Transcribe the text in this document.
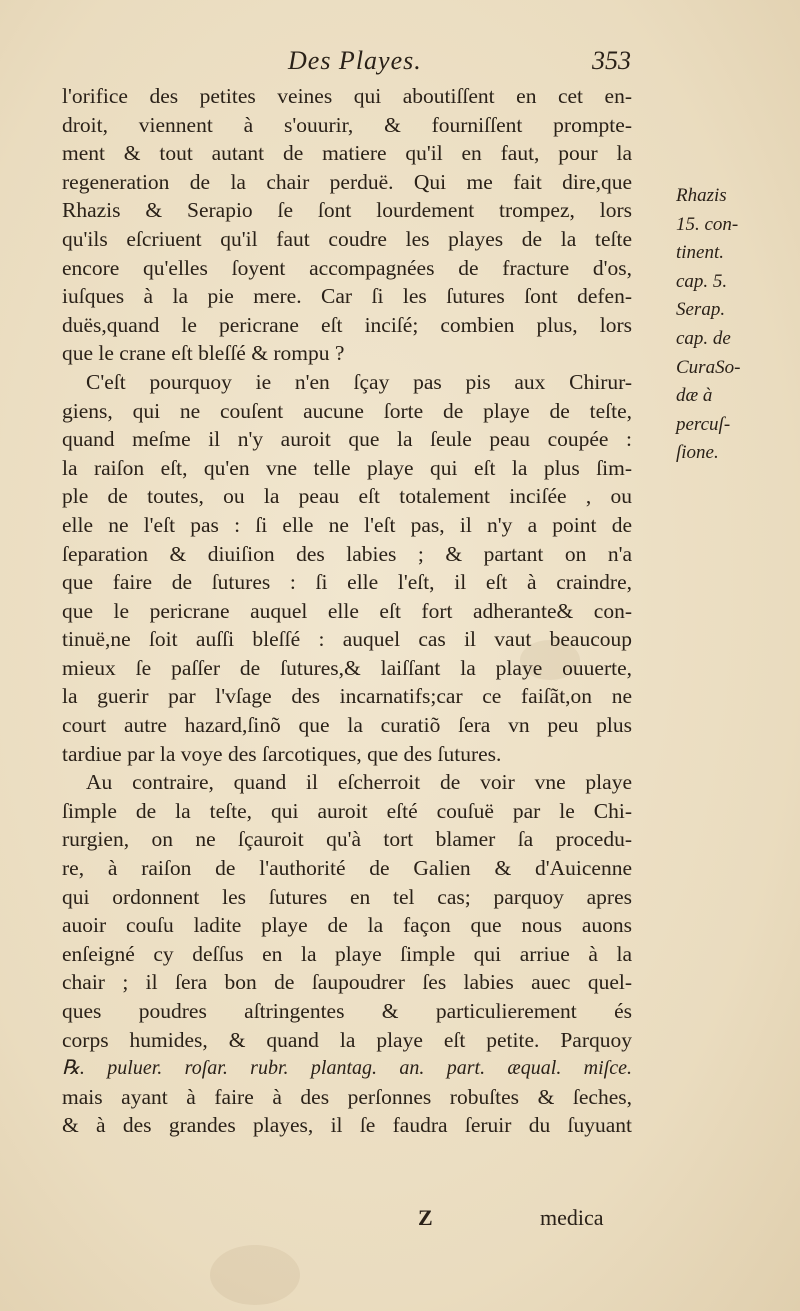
Des Playes.	353
l'orifice des petites veines qui aboutiſſent en cet en-
droit, viennent à s'ouurir, & fourniſſent prompte-
ment & tout autant de matiere qu'il en faut, pour la
regeneration de la chair perduë. Qui me fait dire,que
Rhazis & Serapio ſe ſont lourdement trompez, lors
qu'ils eſcriuent qu'il faut coudre les playes de la teſte
encore qu'elles ſoyent accompagnées de fracture d'os,
iuſques à la pie mere. Car ſi les ſutures ſont defen-
duës,quand le pericrane eſt inciſé; combien plus, lors
que le crane eſt bleſſé & rompu ?
C'eſt pourquoy ie n'en ſçay pas pis aux Chirur-
giens, qui ne couſent aucune ſorte de playe de teſte,
quand meſme il n'y auroit que la ſeule peau coupée :
la raiſon eſt, qu'en vne telle playe qui eſt la plus ſim-
ple de toutes, ou la peau eſt totalement inciſée , ou
elle ne l'eſt pas : ſi elle ne l'eſt pas, il n'y a point de
ſeparation & diuiſion des labies ; & partant on n'a
que faire de ſutures : ſi elle l'eſt, il eſt à craindre,
que le pericrane auquel elle eſt fort adherante& con-
tinuë,ne ſoit auſſi bleſſé : auquel cas il vaut beaucoup
mieux ſe paſſer de ſutures,& laiſſant la playe ouuerte,
la guerir par l'vſage des incarnatifs;car ce faiſãt,on ne
court autre hazard,ſinõ que la curatiõ ſera vn peu plus
tardiue par la voye des ſarcotiques, que des ſutures.
Au contraire, quand il eſcherroit de voir vne playe
ſimple de la teſte, qui auroit eſté couſuë par le Chi-
rurgien, on ne ſçauroit qu'à tort blamer ſa procedu-
re, à raiſon de l'authorité de Galien & d'Auicenne
qui ordonnent les ſutures en tel cas; parquoy apres
auoir couſu ladite playe de la façon que nous auons
enſeigné cy deſſus en la playe ſimple qui arriue à la
chair ; il ſera bon de ſaupoudrer ſes labies auec quel-
ques poudres aſtringentes & particulierement és
corps humides, & quand la playe eſt petite. Parquoy
℞. puluer. roſar. rubr. plantag. an. part. æqual. miſce.
mais ayant à faire à des perſonnes robuſtes & ſeches,
& à des grandes playes, il ſe faudra ſeruir du ſuyuant
Rhazis
15. con-
tinent.
cap. 5.
Serap.
cap. de
CuraSo-
dæ à
percuſ-
ſione.
Z	medica
